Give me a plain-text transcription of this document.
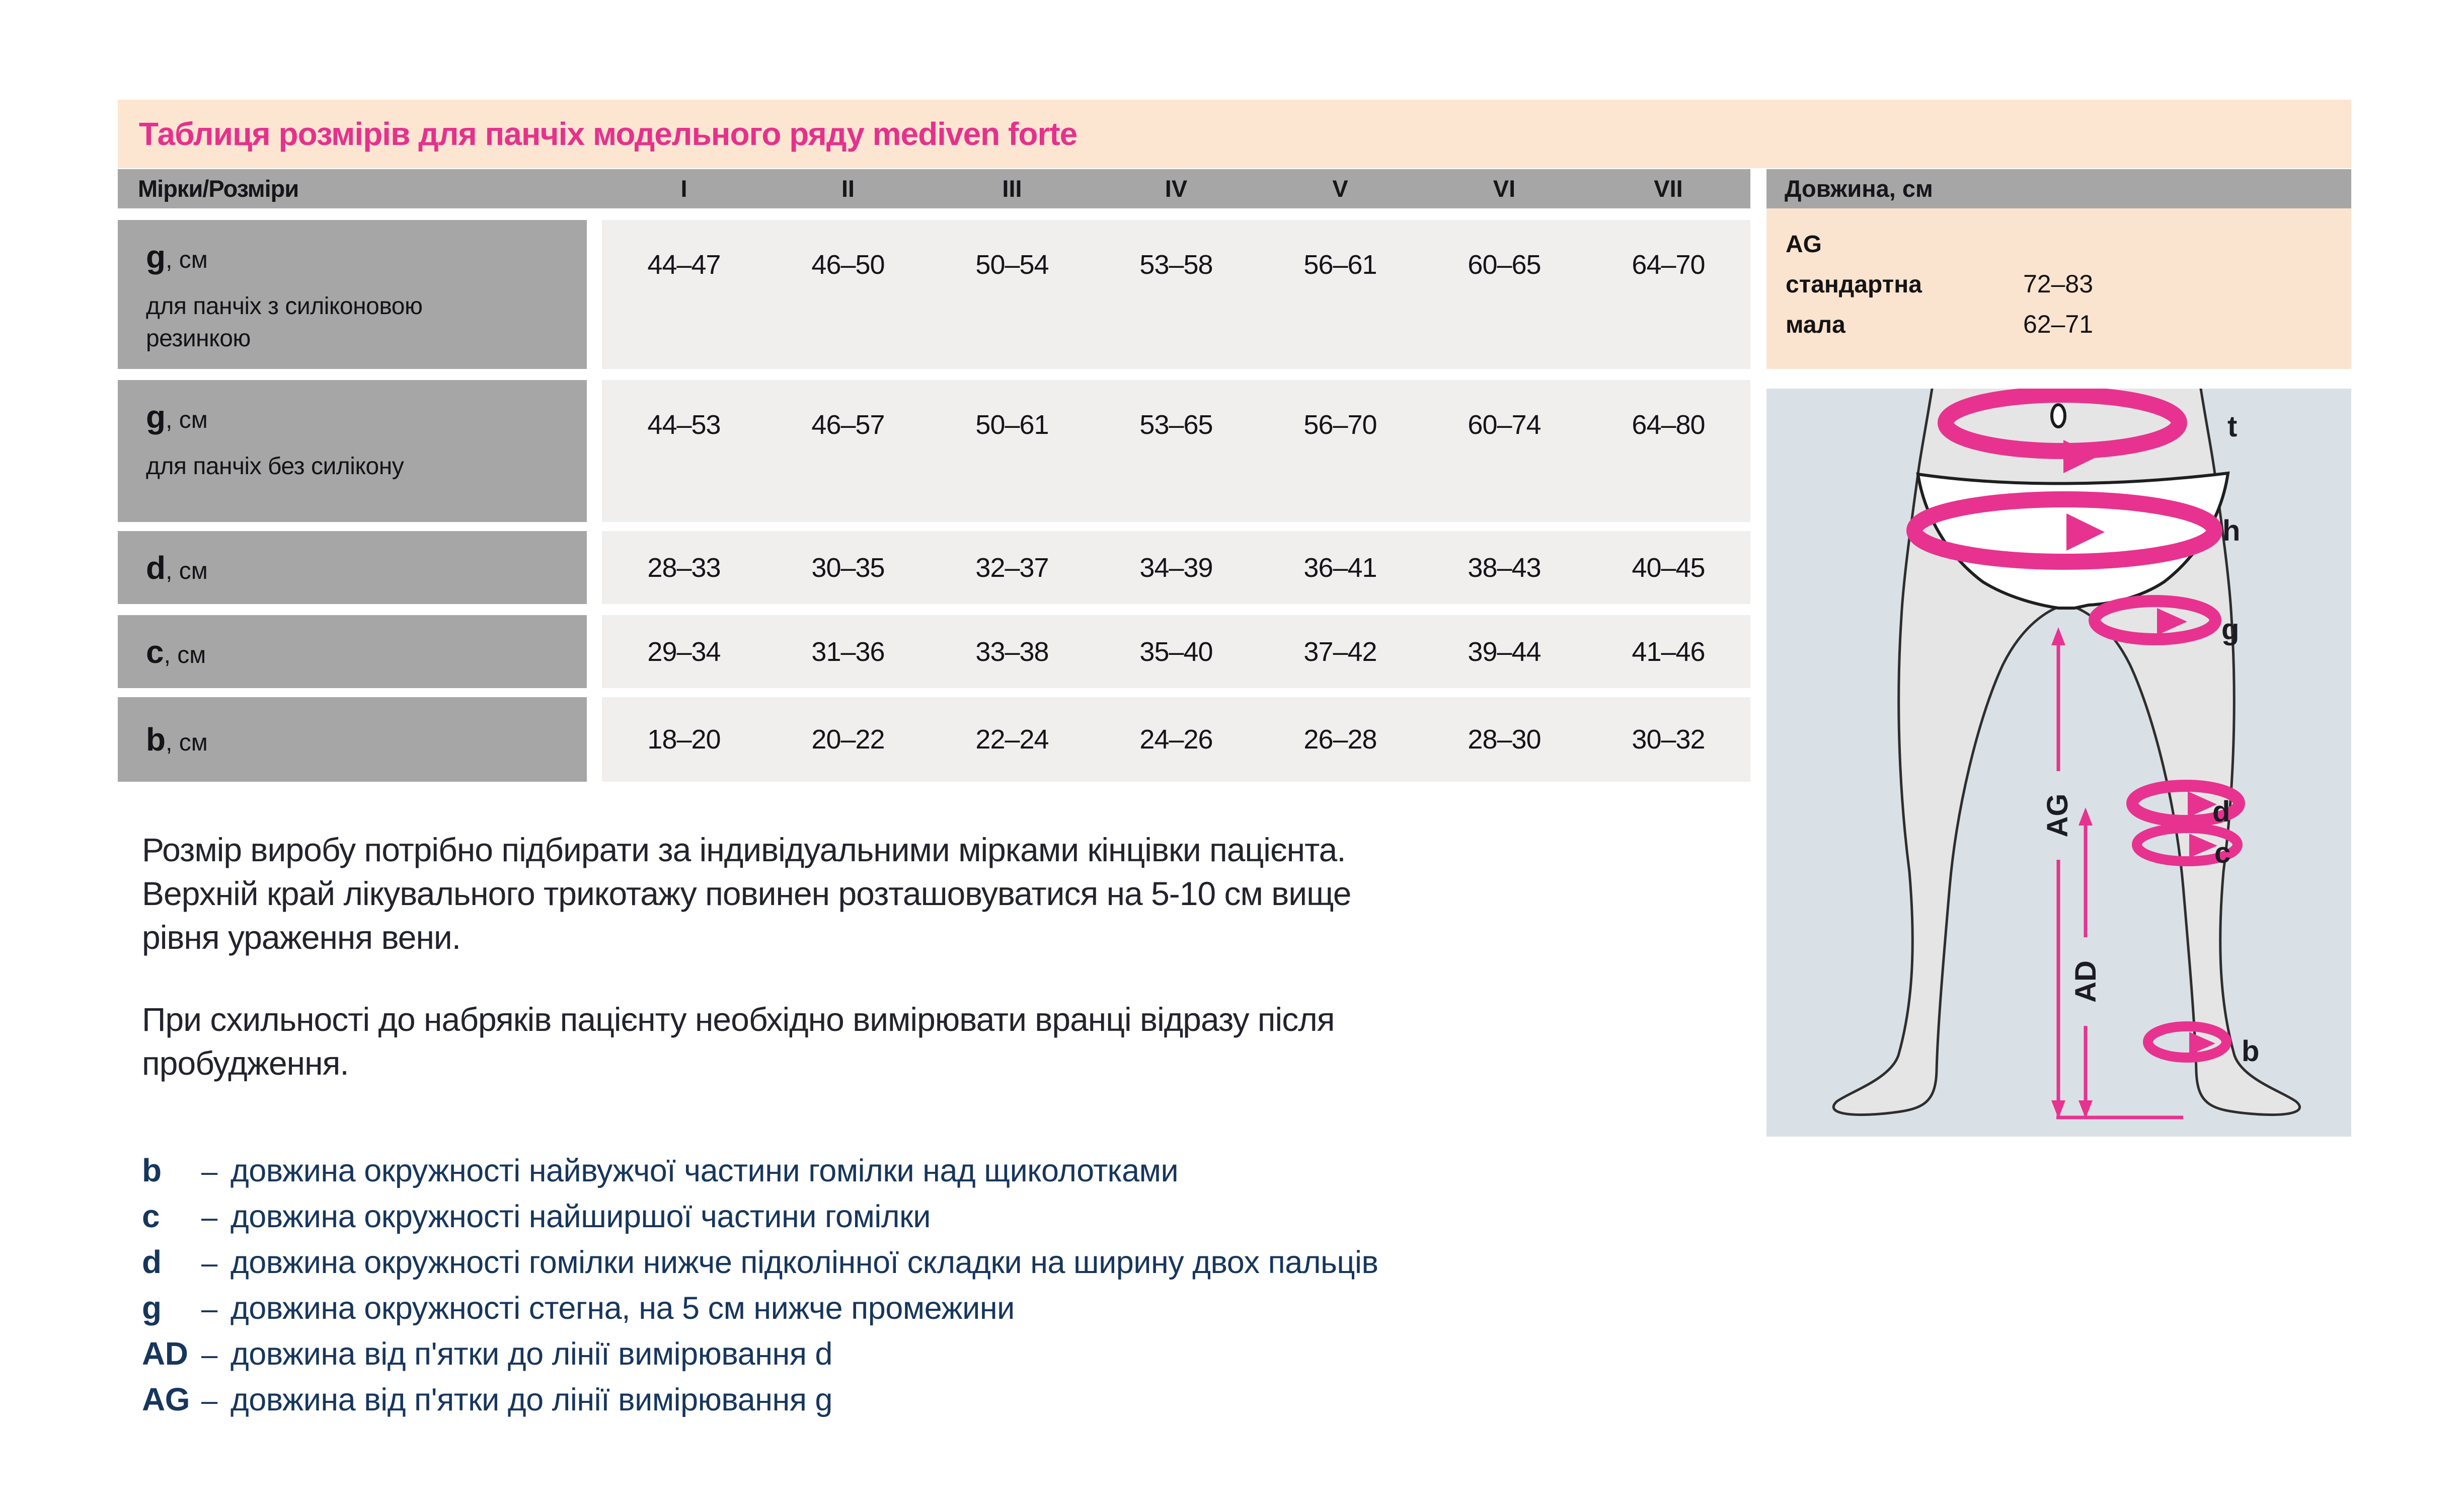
Таблиця розмірів для панчіх модельного ряду mediven forte
Мірки/Розміри	I	II	III	IV	V	VI	VII
g, см
для панчіх з силіконовою резинкою
44–47	46–50	50–54	53–58	56–61	60–65	64–70
g, см
для панчіх без силікону
44–53	46–57	50–61	53–65	56–70	60–74	64–80
d, см	28–33	30–35	32–37	34–39	36–41	38–43	40–45
c, см	29–34	31–36	33–38	35–40	37–42	39–44	41–46
b, см	18–20	20–22	22–24	24–26	26–28	28–30	30–32
Довжина, см
AG
стандартна	72–83
мала	62–71
t
h
g
d
c
b
AG
AD
Розмір виробу потрібно підбирати за індивідуальними мірками кінцівки пацієнта.
Верхній край лікувального трикотажу повинен розташовуватися на 5-10 см вище
рівня ураження вени.
При схильності до набряків пацієнту необхідно вимірювати вранці відразу після
пробудження.
b	– довжина окружності найвужчої частини гомілки над щиколотками
c	– довжина окружності найширшої частини гомілки
d	– довжина окружності гомілки нижче підколінної складки на ширину двох пальців
g	– довжина окружності стегна, на 5 см нижче промежини
AD – довжина від п'ятки до лінії вимірювання d
AG – довжина від п'ятки до лінії вимірювання g
